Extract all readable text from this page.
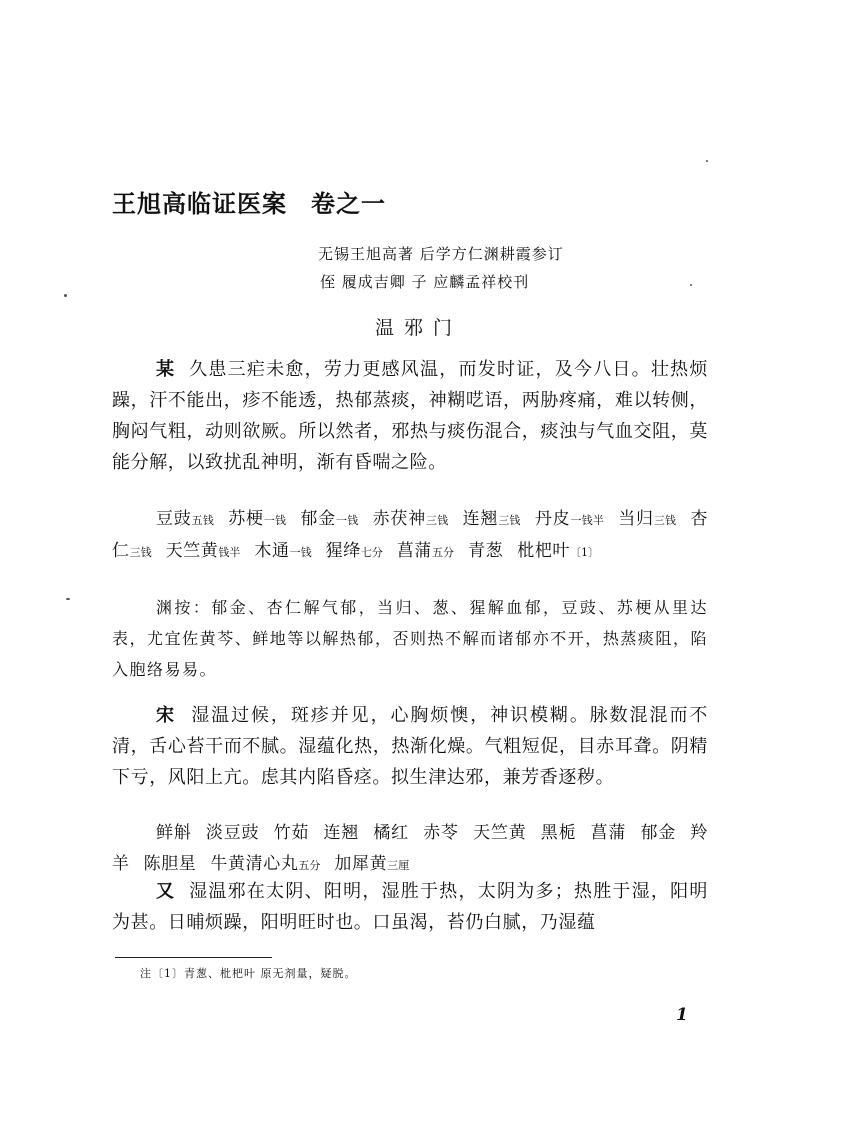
王旭高临证医案 卷之一
无锡王旭高著 后学方仁渊耕霞参订
侄 履成吉卿 子 应麟孟祥校刊
温邪门
某 久患三疟未愈，劳力更感风温，而发时证，及今八日。壮热烦躁，汗不能出，疹不能透，热郁蒸痰，神糊呓语，两胁疼痛，难以转侧，胸闷气粗，动则欲厥。所以然者，邪热与痰伤混合，痰浊与气血交阻，莫能分解，以致扰乱神明，渐有昏喘之险。
豆豉五钱 苏梗一钱 郁金一钱 赤茯神三钱 连翘三钱 丹皮一钱半 当归三钱 杏仁三钱 天竺黄钱半 木通一钱 猩绛七分 菖蒲五分 青葱 枇杷叶〔1〕
渊按：郁金、杏仁解气郁，当归、葱、猩解血郁，豆豉、苏梗从里达表，尤宜佐黄芩、鲜地等以解热郁，否则热不解而诸郁亦不开，热蒸痰阻，陷入胞络易易。
宋 湿温过候，斑疹并见，心胸烦懊，神识模糊。脉数混混而不清，舌心苔干而不腻。湿蕴化热，热渐化燥。气粗短促，目赤耳聋。阴精下亏，风阳上亢。虑其内陷昏痉。拟生津达邪，兼芳香逐秽。
鲜斛 淡豆豉 竹茹 连翘 橘红 赤苓 天竺黄 黑栀 菖蒲 郁金 羚羊 陈胆星 牛黄清心丸五分 加犀黄三厘
又 湿温邪在太阴、阳明，湿胜于热，太阴为多；热胜于湿，阳明为甚。日晡烦躁，阳明旺时也。口虽渴，苔仍白腻，乃湿蕴
注〔1〕青葱、枇杷叶 原无剂量，疑脱。
1
